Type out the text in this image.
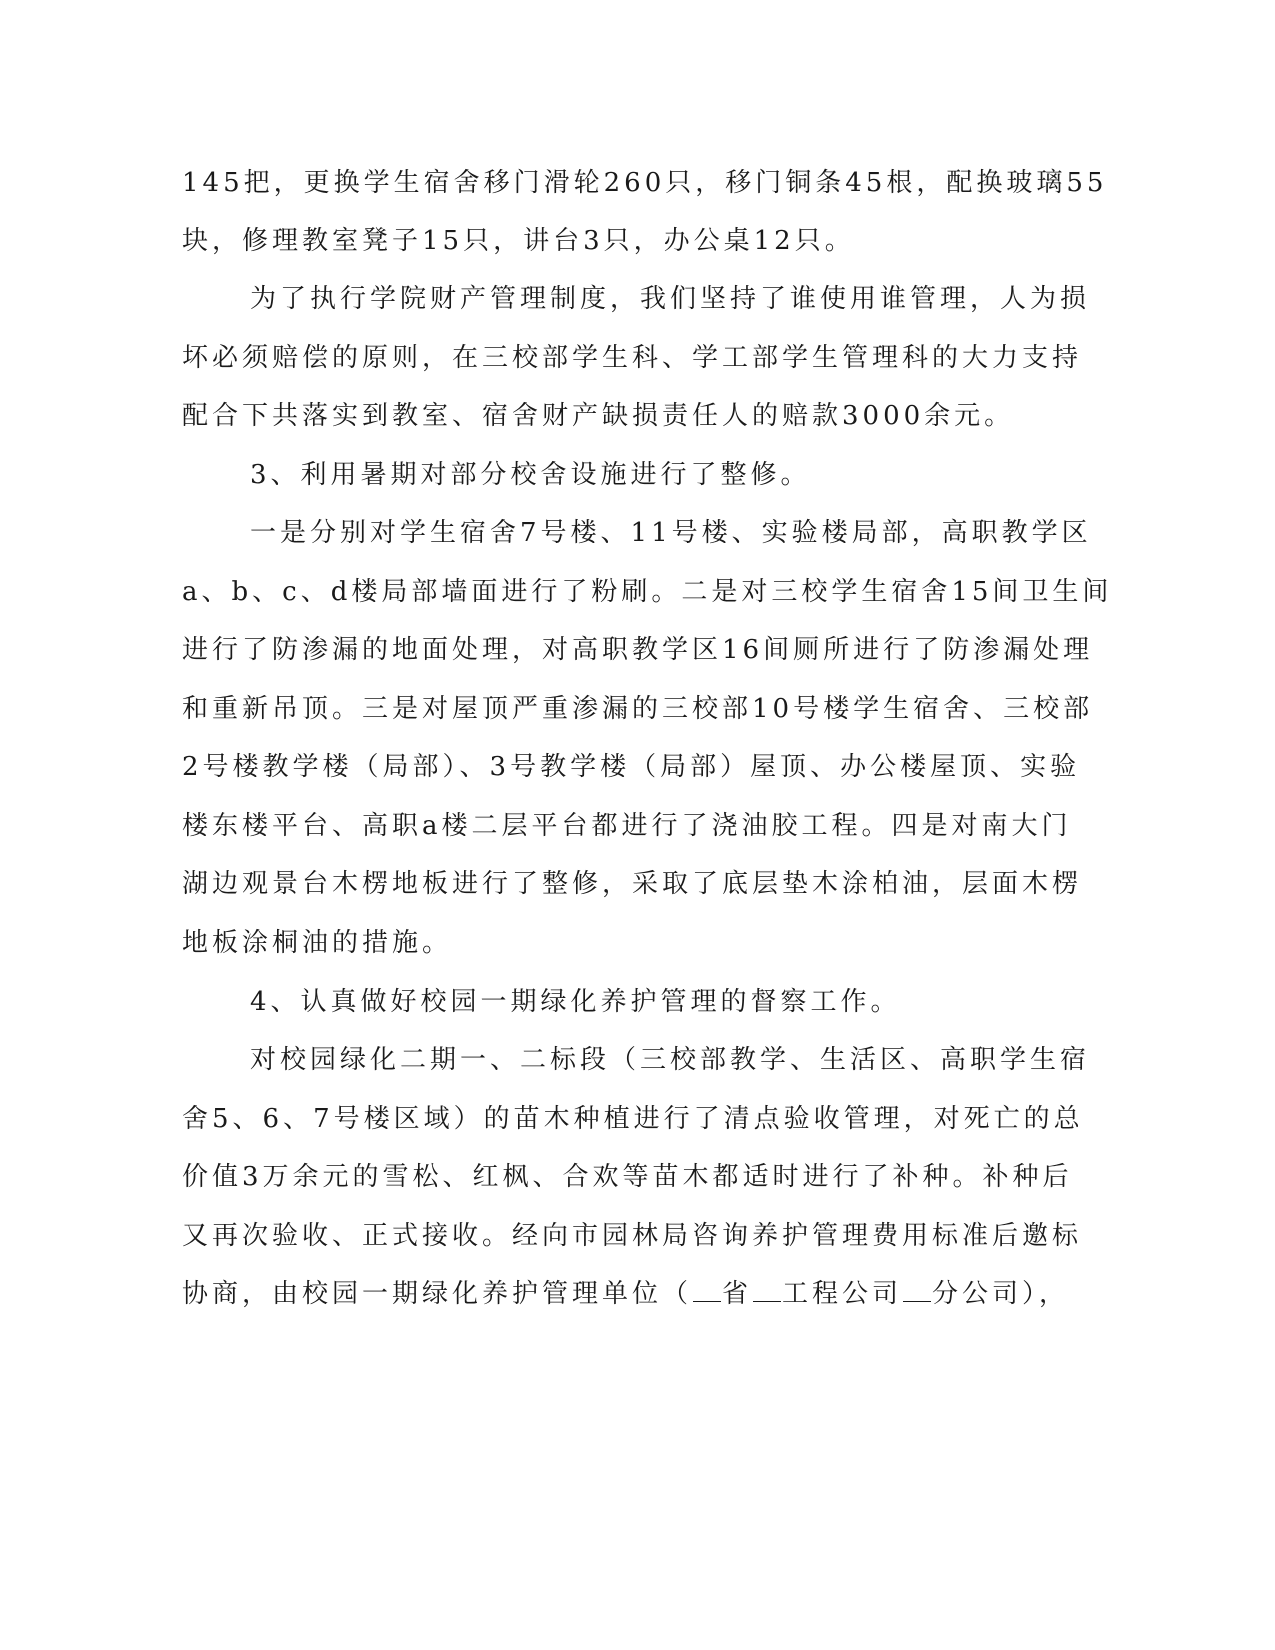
145把，更换学生宿舍移门滑轮260只，移门铜条45根，配换玻璃55

块，修理教室凳子15只，讲台3只，办公桌12只。

为了执行学院财产管理制度，我们坚持了谁使用谁管理，人为损

坏必须赔偿的原则，在三校部学生科、学工部学生管理科的大力支持

配合下共落实到教室、宿舍财产缺损责任人的赔款3000余元。

3、利用暑期对部分校舍设施进行了整修。

一是分别对学生宿舍7号楼、11号楼、实验楼局部，高职教学区

a、b、c、d楼局部墙面进行了粉刷。二是对三校学生宿舍15间卫生间

进行了防渗漏的地面处理，对高职教学区16间厕所进行了防渗漏处理

和重新吊顶。三是对屋顶严重渗漏的三校部10号楼学生宿舍、三校部

2号楼教学楼（局部）、3号教学楼（局部）屋顶、办公楼屋顶、实验

楼东楼平台、高职a楼二层平台都进行了浇油胶工程。四是对南大门

湖边观景台木楞地板进行了整修，采取了底层垫木涂柏油，层面木楞

地板涂桐油的措施。

4、认真做好校园一期绿化养护管理的督察工作。

对校园绿化二期一、二标段（三校部教学、生活区、高职学生宿

舍5、6、7号楼区域）的苗木种植进行了清点验收管理，对死亡的总

价值3万余元的雪松、红枫、合欢等苗木都适时进行了补种。补种后

又再次验收、正式接收。经向市园林局咨询养护管理费用标准后邀标

协商，由校园一期绿化养护管理单位（ 省 工程公司 分公司），
